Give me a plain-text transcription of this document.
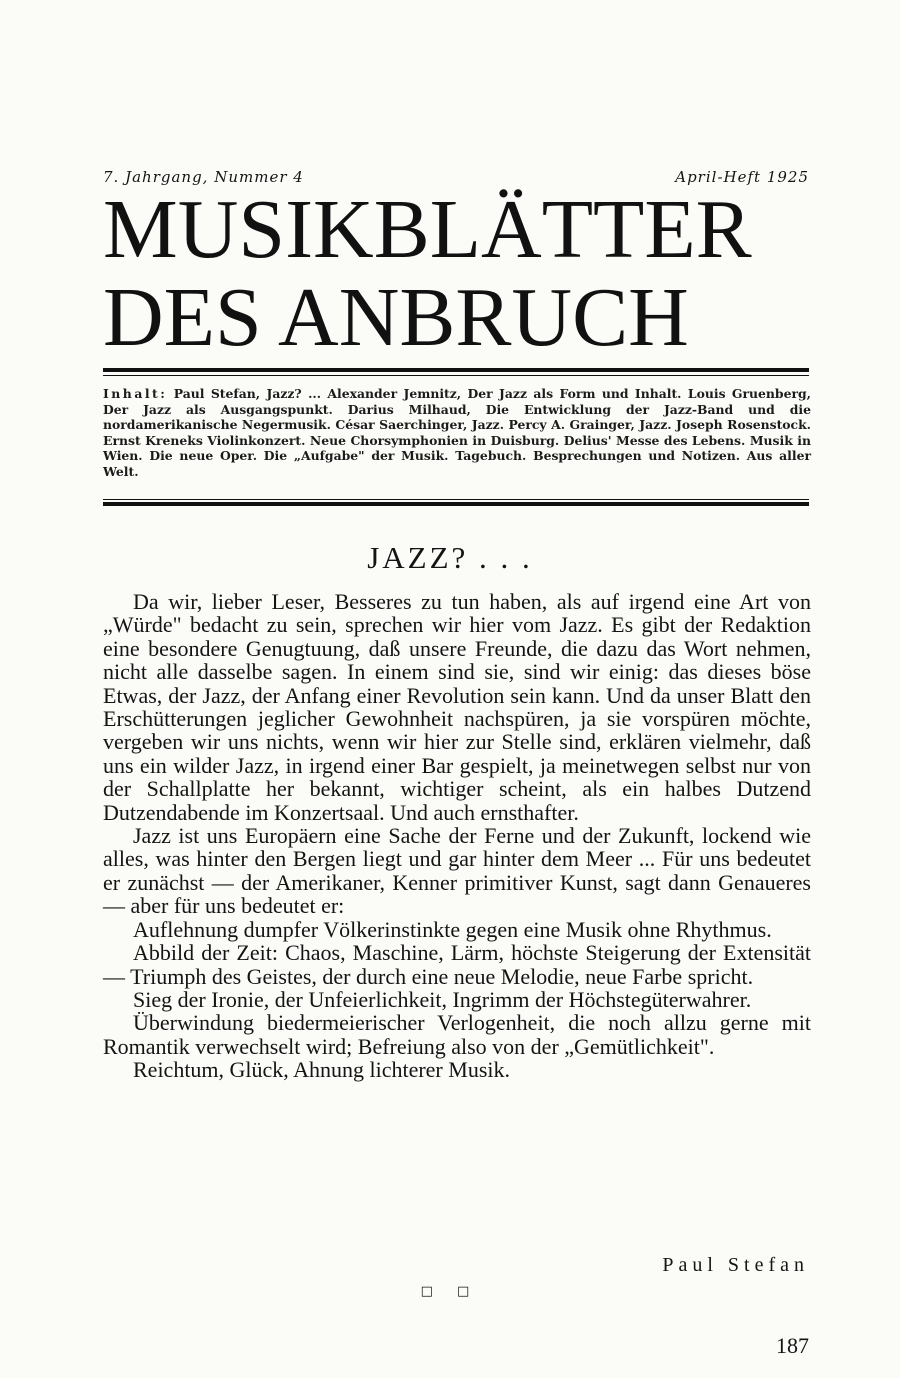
7. Jahrgang, Nummer 4	April-Heft 1925
MUSIKBLÄTTER
DES ANBRUCH
Inhalt: Paul Stefan, Jazz? ... Alexander Jemnitz, Der Jazz als Form und Inhalt. Louis Gruenberg, Der Jazz als Ausgangspunkt. Darius Milhaud, Die Entwicklung der Jazz-Band und die nordamerikanische Negermusik. César Saerchinger, Jazz. Percy A. Grainger, Jazz. Joseph Rosenstock. Ernst Kreneks Violinkonzert. Neue Chorsymphonien in Duisburg. Delius' Messe des Lebens. Musik in Wien. Die neue Oper. Die „Aufgabe" der Musik. Tagebuch. Besprechungen und Notizen. Aus aller Welt.
JAZZ? . . .

Da wir, lieber Leser, Besseres zu tun haben, als auf irgend eine Art von „Würde" bedacht zu sein, sprechen wir hier vom Jazz. Es gibt der Redaktion eine besondere Genugtuung, daß unsere Freunde, die dazu das Wort nehmen, nicht alle dasselbe sagen. In einem sind sie, sind wir einig: das dieses böse Etwas, der Jazz, der Anfang einer Revolution sein kann. Und da unser Blatt den Erschütterungen jeglicher Gewohnheit nachspüren, ja sie vorspüren möchte, vergeben wir uns nichts, wenn wir hier zur Stelle sind, erklären vielmehr, daß uns ein wilder Jazz, in irgend einer Bar gespielt, ja meinetwegen selbst nur von der Schallplatte her bekannt, wichtiger scheint, als ein halbes Dutzend Dutzendabende im Konzertsaal. Und auch ernsthafter.

Jazz ist uns Europäern eine Sache der Ferne und der Zukunft, lockend wie alles, was hinter den Bergen liegt und gar hinter dem Meer ... Für uns bedeutet er zunächst — der Amerikaner, Kenner primitiver Kunst, sagt dann Genaueres — aber für uns bedeutet er:

Auflehnung dumpfer Völkerinstinkte gegen eine Musik ohne Rhythmus.

Abbild der Zeit: Chaos, Maschine, Lärm, höchste Steigerung der Extensität — Triumph des Geistes, der durch eine neue Melodie, neue Farbe spricht.

Sieg der Ironie, der Unfeierlichkeit, Ingrimm der Höchstegüterwahrer.

Überwindung biedermeierischer Verlogenheit, die noch allzu gerne mit Romantik verwechselt wird; Befreiung also von der „Gemütlichkeit".

Reichtum, Glück, Ahnung lichterer Musik.

Paul Stefan
□ □
187
